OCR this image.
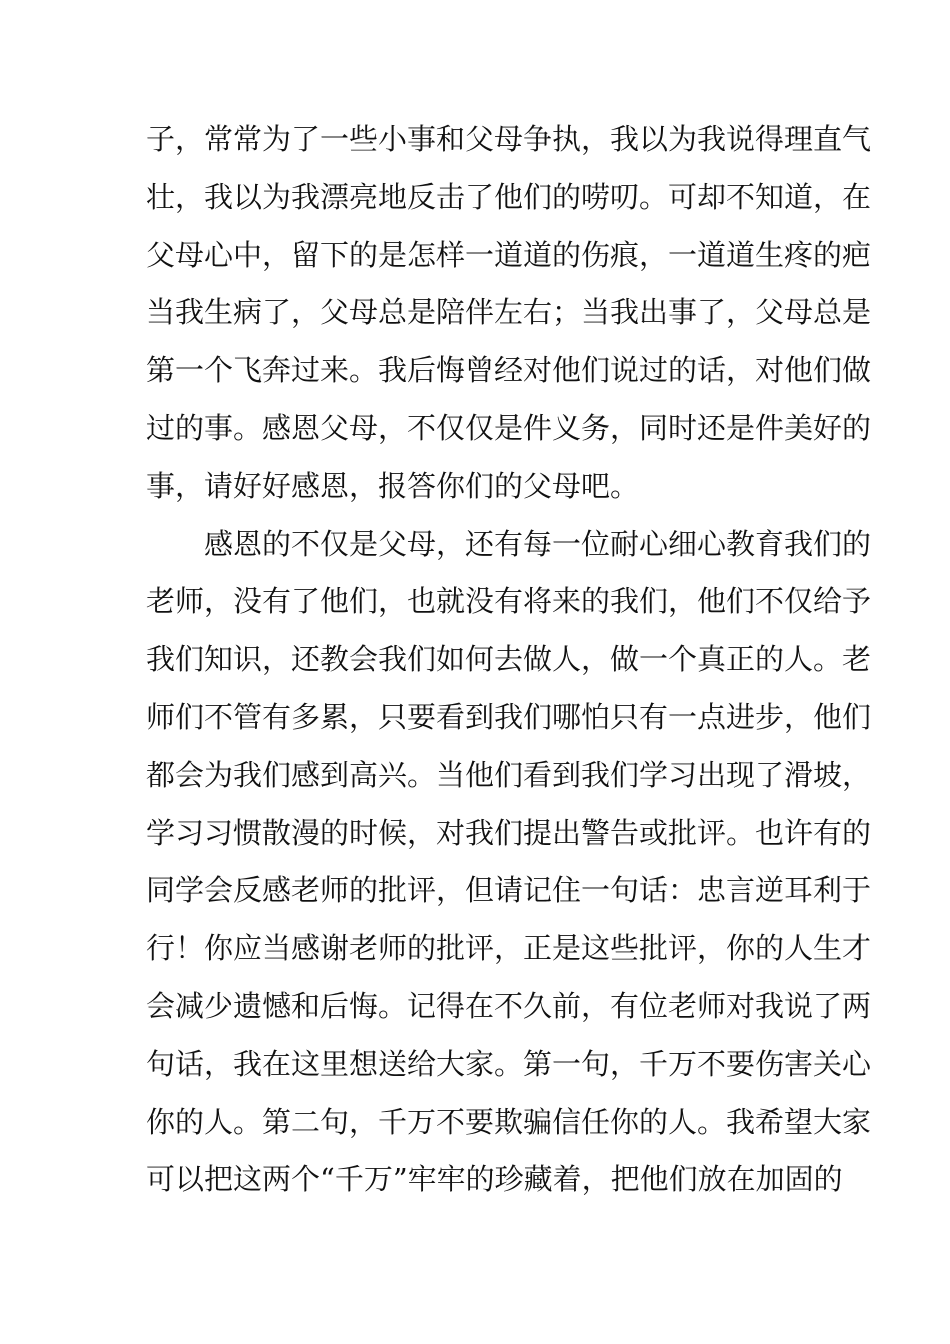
子，常常为了一些小事和父母争执，我以为我说得理直气
壮，我以为我漂亮地反击了他们的唠叨。可却不知道，在
父母心中，留下的是怎样一道道的伤痕，一道道生疼的疤
当我生病了，父母总是陪伴左右；当我出事了，父母总是
第一个飞奔过来。我后悔曾经对他们说过的话，对他们做
过的事。感恩父母，不仅仅是件义务，同时还是件美好的
事，请好好感恩，报答你们的父母吧。
感恩的不仅是父母，还有每一位耐心细心教育我们的
老师，没有了他们，也就没有将来的我们，他们不仅给予
我们知识，还教会我们如何去做人，做一个真正的人。老
师们不管有多累，只要看到我们哪怕只有一点进步，他们
都会为我们感到高兴。当他们看到我们学习出现了滑坡，
学习习惯散漫的时候，对我们提出警告或批评。也许有的
同学会反感老师的批评，但请记住一句话：忠言逆耳利于
行！你应当感谢老师的批评，正是这些批评，你的人生才
会减少遗憾和后悔。记得在不久前，有位老师对我说了两
句话，我在这里想送给大家。第一句，千万不要伤害关心
你的人。第二句，千万不要欺骗信任你的人。我希望大家
可以把这两个“千万”牢牢的珍藏着，把他们放在加固的
